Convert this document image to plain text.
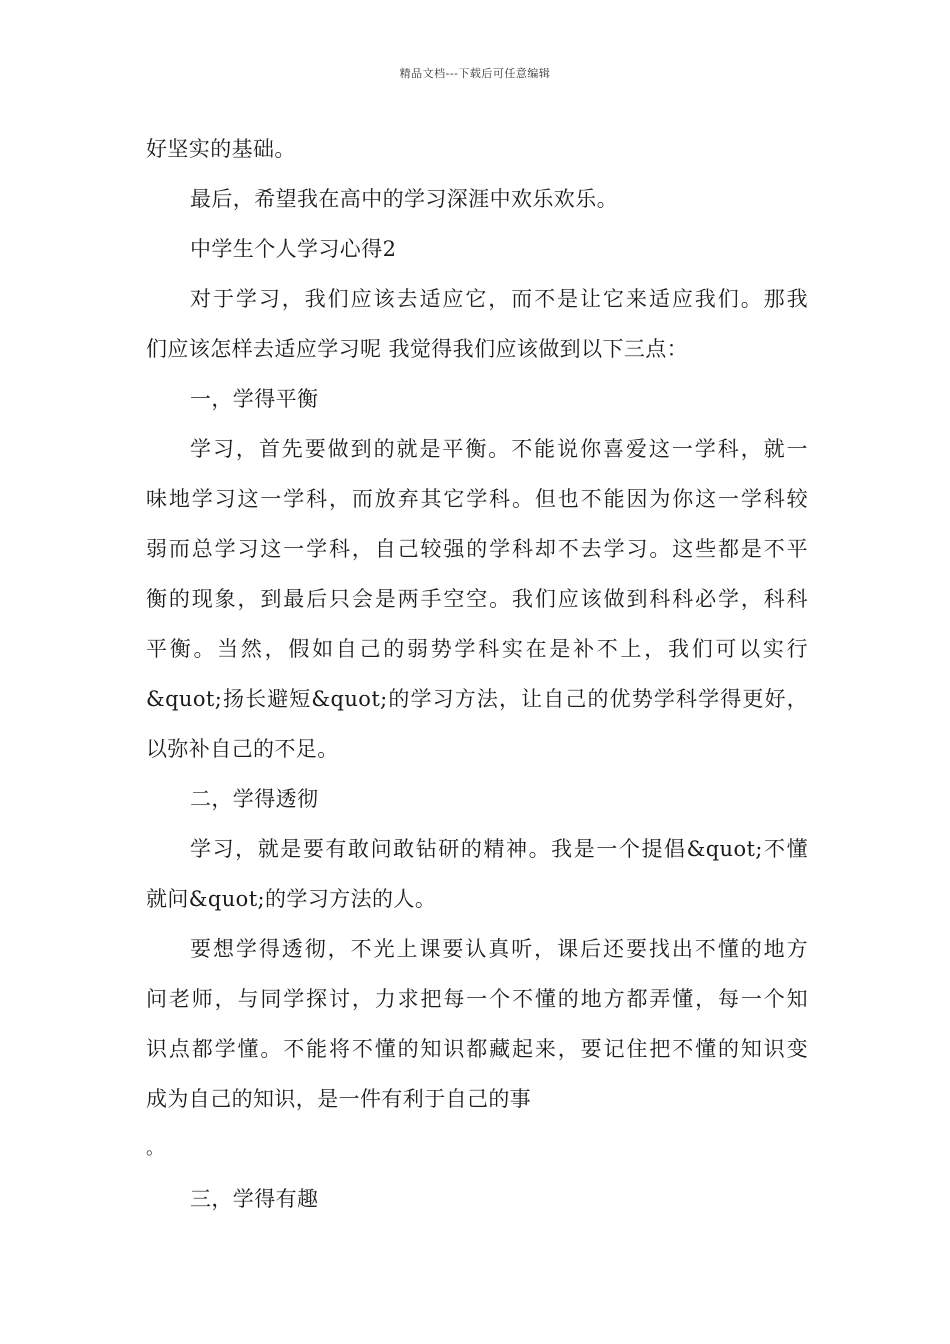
精品文档---下载后可任意编辑
好坚实的基础。
最后，希望我在高中的学习深涯中欢乐欢乐。
中学生个人学习心得2
对于学习，我们应该去适应它，而不是让它来适应我们。那我
们应该怎样去适应学习呢 我觉得我们应该做到以下三点：
一，学得平衡
学习，首先要做到的就是平衡。不能说你喜爱这一学科，就一
味地学习这一学科，而放弃其它学科。但也不能因为你这一学科较
弱而总学习这一学科，自己较强的学科却不去学习。这些都是不平
衡的现象，到最后只会是两手空空。我们应该做到科科必学，科科
平衡。当然，假如自己的弱势学科实在是补不上，我们可以实行
&quot;扬长避短&quot;的学习方法，让自己的优势学科学得更好，
以弥补自己的不足。
二，学得透彻
学习，就是要有敢问敢钻研的精神。我是一个提倡&quot;不懂
就问&quot;的学习方法的人。
要想学得透彻，不光上课要认真听，课后还要找出不懂的地方
问老师，与同学探讨，力求把每一个不懂的地方都弄懂，每一个知
识点都学懂。不能将不懂的知识都藏起来，要记住把不懂的知识变
成为自己的知识，是一件有利于自己的事
。
三，学得有趣
